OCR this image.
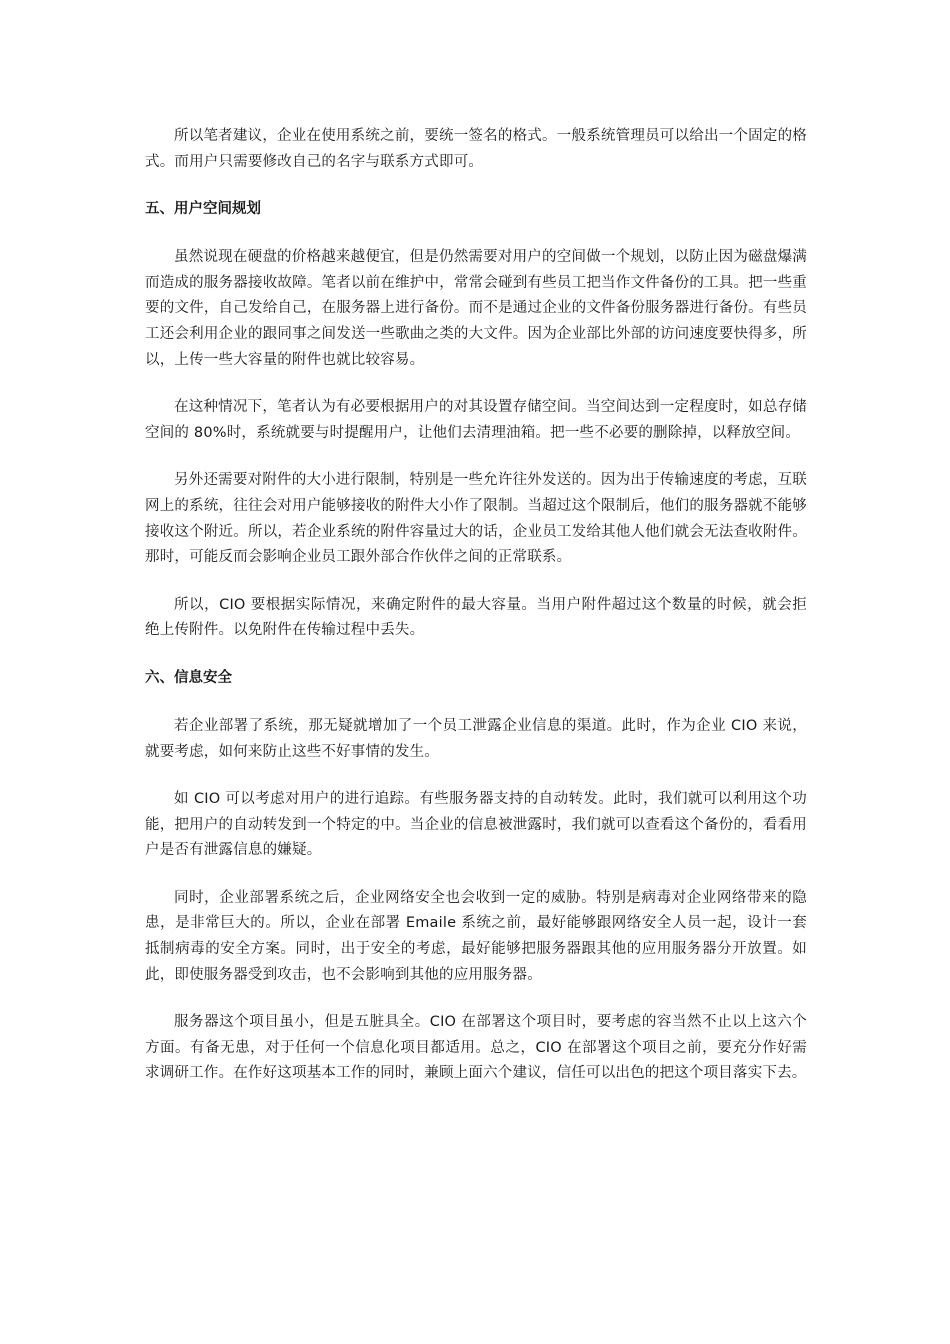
所以笔者建议，企业在使用系统之前，要统一签名的格式。一般系统管理员可以给出一个固定的格式。而用户只需要修改自己的名字与联系方式即可。

五、用户空间规划

虽然说现在硬盘的价格越来越便宜，但是仍然需要对用户的空间做一个规划，以防止因为磁盘爆满而造成的服务器接收故障。笔者以前在维护中，常常会碰到有些员工把当作文件备份的工具。把一些重要的文件，自己发给自己，在服务器上进行备份。而不是通过企业的文件备份服务器进行备份。有些员工还会利用企业的跟同事之间发送一些歌曲之类的大文件。因为企业部比外部的访问速度要快得多，所以，上传一些大容量的附件也就比较容易。

在这种情况下，笔者认为有必要根据用户的对其设置存储空间。当空间达到一定程度时，如总存储空间的 80%时，系统就要与时提醒用户，让他们去清理油箱。把一些不必要的删除掉，以释放空间。

另外还需要对附件的大小进行限制，特别是一些允许往外发送的。因为出于传输速度的考虑，互联网上的系统，往往会对用户能够接收的附件大小作了限制。当超过这个限制后，他们的服务器就不能够接收这个附近。所以，若企业系统的附件容量过大的话，企业员工发给其他人他们就会无法查收附件。那时，可能反而会影响企业员工跟外部合作伙伴之间的正常联系。

所以，CIO 要根据实际情况，来确定附件的最大容量。当用户附件超过这个数量的时候，就会拒绝上传附件。以免附件在传输过程中丢失。

六、信息安全

若企业部署了系统，那无疑就增加了一个员工泄露企业信息的渠道。此时，作为企业 CIO 来说，就要考虑，如何来防止这些不好事情的发生。

如 CIO 可以考虑对用户的进行追踪。有些服务器支持的自动转发。此时，我们就可以利用这个功能，把用户的自动转发到一个特定的中。当企业的信息被泄露时，我们就可以查看这个备份的，看看用户是否有泄露信息的嫌疑。

同时，企业部署系统之后，企业网络安全也会收到一定的威胁。特别是病毒对企业网络带来的隐患，是非常巨大的。所以，企业在部署 Emaile 系统之前，最好能够跟网络安全人员一起，设计一套抵制病毒的安全方案。同时，出于安全的考虑，最好能够把服务器跟其他的应用服务器分开放置。如此，即使服务器受到攻击，也不会影响到其他的应用服务器。

服务器这个项目虽小，但是五脏具全。CIO 在部署这个项目时，要考虑的容当然不止以上这六个方面。有备无患，对于任何一个信息化项目都适用。总之，CIO 在部署这个项目之前，要充分作好需求调研工作。在作好这项基本工作的同时，兼顾上面六个建议，信任可以出色的把这个项目落实下去。
